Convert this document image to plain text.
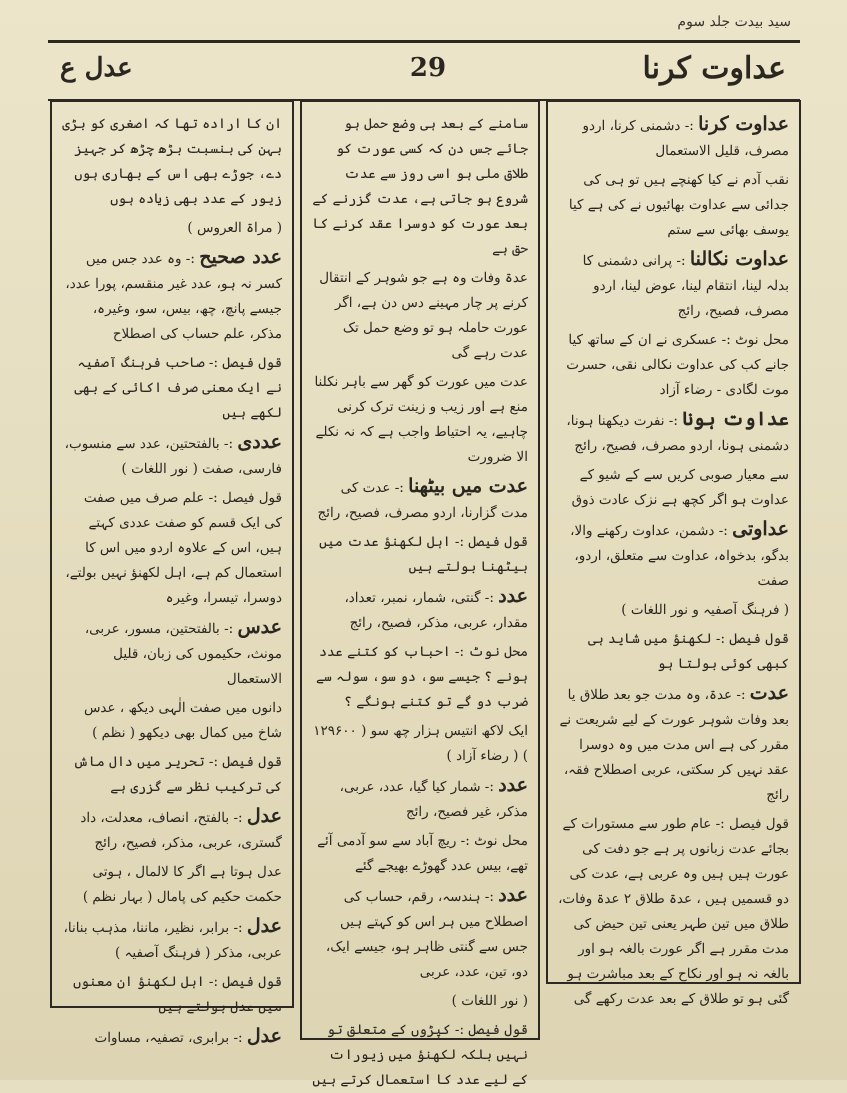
سید بیدت جلد سوم
عدل ع	29	عداوت کرنا

عداوت کرنا :- دشمنی کرنا، اردو مصرف، قلیل الاستعمال

نقب آدم نے کیا کھنچے ہیں تو ہی کی جدائی سے عداوت بھائیوں نے کی ہے کیا یوسف بھائی سے ستم

عداوت نکالنا :- پرانی دشمنی کا بدلہ لینا، انتقام لینا، عوض لینا، اردو مصرف، فصیح، رائج

محل نوٹ :- عسکری نے ان کے ساتھ کیا جانے کب کی عداوت نکالی نقی، حسرت موت لگادی - رضاء آزاد

عداوت ہونا :- نفرت دیکھنا ہونا، دشمنی ہونا، اردو مصرف، فصیح، رائج

سے معیار صوبی کریں سے کے شیو کے عداوت ہو اگر کچھ ہے نزک عادت ذوق

عداوتی :- دشمن، عداوت رکھنے والا، بدگو، بدخواہ، عداوت سے متعلق، اردو، صفت

( فرہنگ آصفیہ و نور اللغات )

قول فیصل :- لکھنؤ میں شاید ہی کبھی کوئی بولتا ہو

عدت :- عدۃ، وہ مدت جو بعد طلاق یا بعد وفات شوہر عورت کے لیے شریعت نے مقرر کی ہے اس مدت میں وہ دوسرا عقد نہیں کر سکتی، عربی اصطلاح فقہ، رائج

قول فیصل :- عام طور سے مستورات کے بجائے عدت زبانوں پر ہے جو دفت کی عورت ہیں ہیں وہ عربی ہے، عدت کی دو قسمیں ہیں ، عدۃ طلاق ۲ عدۃ وفات، طلاق میں تین طہر یعنی تین حیض کی مدت مقرر ہے اگر عورت بالغہ ہو اور بالغہ نہ ہو اور نکاح کے بعد مباشرت ہو گئی ہو تو طلاق کے بعد عدت رکھے گی

سامنے کے بعد ہی وضع حمل ہو جائے جس دن کہ کسی عورت کو طلاق ملی ہو اسی روز سے عدت شروع ہو جاتی ہے، عدت گزرنے کے بعد عورت کو دوسرا عقد کرنے کا حق ہے

عدۃ وفات وہ ہے جو شوہر کے انتقال کرنے پر چار مہینے دس دن ہے، اگر عورت حاملہ ہو تو وضع حمل تک عدت رہے گی

عدت میں عورت کو گھر سے باہر نکلنا منع ہے اور زیب و زینت ترک کرنی چاہیے، یہ احتیاط واجب ہے کہ نہ نکلے الا ضرورت

عدت میں بیٹھنا :- عدت کی مدت گزارنا، اردو مصرف، فصیح، رائج

قول فیصل :- اہل لکھنؤ عدت میں بیٹھنا بولتے ہیں

عدد :- گنتی، شمار، نمبر، تعداد، مقدار، عربی، مذکر، فصیح، رائج

محل نوٹ :- احباب کو کتنے عدد ہونے ؟ جیسے سو، دو سو، سولہ سے ضرب دو گے تو کتنے ہونگے ؟

ایک لاکھ انتیس ہزار چھ سو ( ۱۲۹۶۰۰ ) ( رضاء آزاد )

عدد :- شمار کیا گیا، عدد، عربی، مذکر، غیر فصیح، رائج

محل نوٹ :- ریچ آباد سے سو آدمی آئے تھے، بیس عدد گھوڑے بھیجے گئے

عدد :- ہندسہ، رقم، حساب کی اصطلاح میں ہر اس کو کہتے ہیں جس سے گنتی ظاہر ہو، جیسے ایک، دو، تین، عدد، عربی

( نور اللغات )

قول فیصل :- کپڑوں کے متعلق تو نہیں بلکہ لکھنؤ میں زیورات کے لیے عدد کا استعمال کرتے ہیں

ان کا ارادہ تھا کہ اصغری کو بڑی بہن کی بنسبت بڑھ چڑھ کر جہیز دے، جوڑے بھی اس کے بھاری ہوں زیور کے عدد بھی زیادہ ہوں

( مراۃ العروس )

عدد صحیح :- وہ عدد جس میں کسر نہ ہو، عدد غیر منقسم، پورا عدد، جیسے پانچ، چھ، بیس، سو، وغیرہ، مذکر، علم حساب کی اصطلاح

قول فیصل :- صاحب فرہنگ آصفیہ نے ایک معنی صرف اکائی کے بھی لکھے ہیں

عددی :- بالفتحتین، عدد سے منسوب، فارسی، صفت ( نور اللغات )

قول فیصل :- علم صرف میں صفت کی ایک قسم کو صفت عددی کہتے ہیں، اس کے علاوہ اردو میں اس کا استعمال کم ہے، اہل لکھنؤ نہیں بولتے، دوسرا، تیسرا، وغیرہ

عدس :- بالفتحتین، مسور، عربی، مونث، حکیموں کی زبان، قلیل الاستعمال

دانوں میں صفت الٰہی دیکھ ، عدس شاخ میں کمال بھی دیکھو ( نظم )

قول فیصل :- تحریر میں دال ماش کی ترکیب نظر سے گزری ہے

عدل :- بالفتح، انصاف، معدلت، داد گستری، عربی، مذکر، فصیح، رائج

عدل ہوتا ہے اگر کا لالمال ، ہوتی حکمت حکیم کی پامال ( بہار نظم )

عدل :- برابر، نظیر، ماننا، مذہب بنانا، عربی، مذکر ( فرہنگ آصفیہ )

قول فیصل :- اہل لکھنؤ ان معنوں میں عدل بولتے ہیں

عدل :- برابری، تصفیہ، مساوات
